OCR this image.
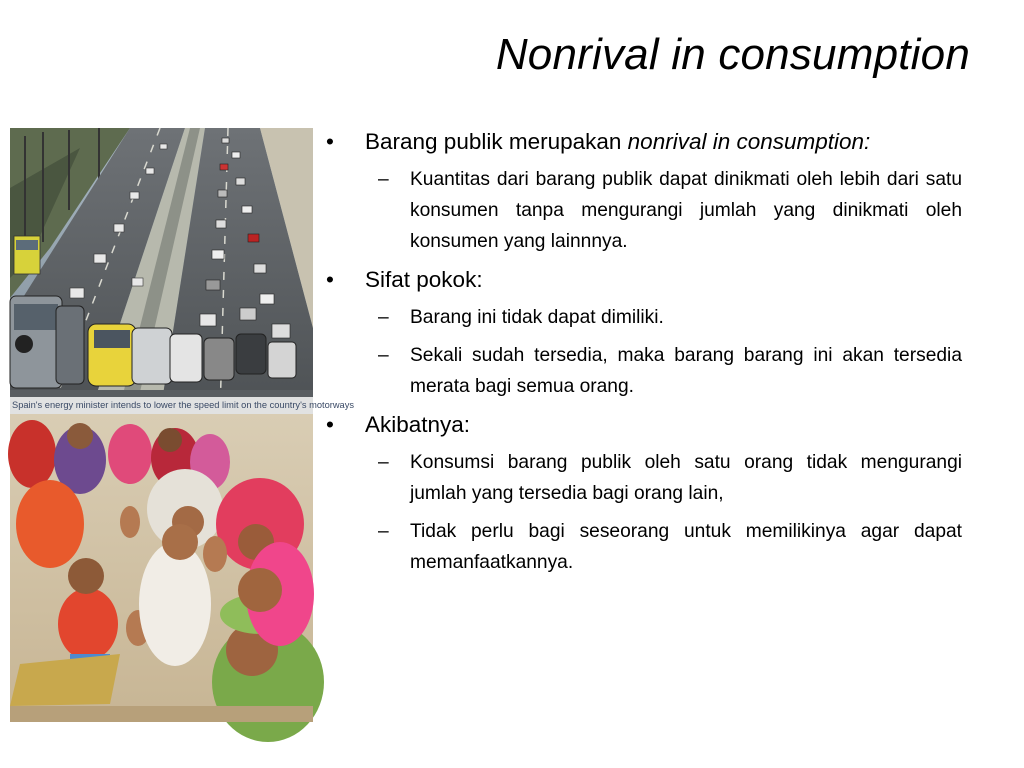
Nonrival in consumption
Spain's energy minister intends to lower the speed limit on the country's motorways

•	Barang publik merupakan nonrival in consumption:

– Kuantitas dari barang publik dapat dinikmati oleh lebih dari satu konsumen tanpa mengurangi jumlah yang dinikmati oleh konsumen yang lainnnya.

•	Sifat pokok:

– Barang ini tidak dapat dimiliki.

– Sekali sudah tersedia, maka barang barang ini akan tersedia merata bagi semua orang.

•	Akibatnya:

– Konsumsi barang publik oleh satu orang tidak mengurangi jumlah yang tersedia bagi orang lain,

– Tidak perlu bagi seseorang untuk memilikinya agar dapat memanfaatkannya.
